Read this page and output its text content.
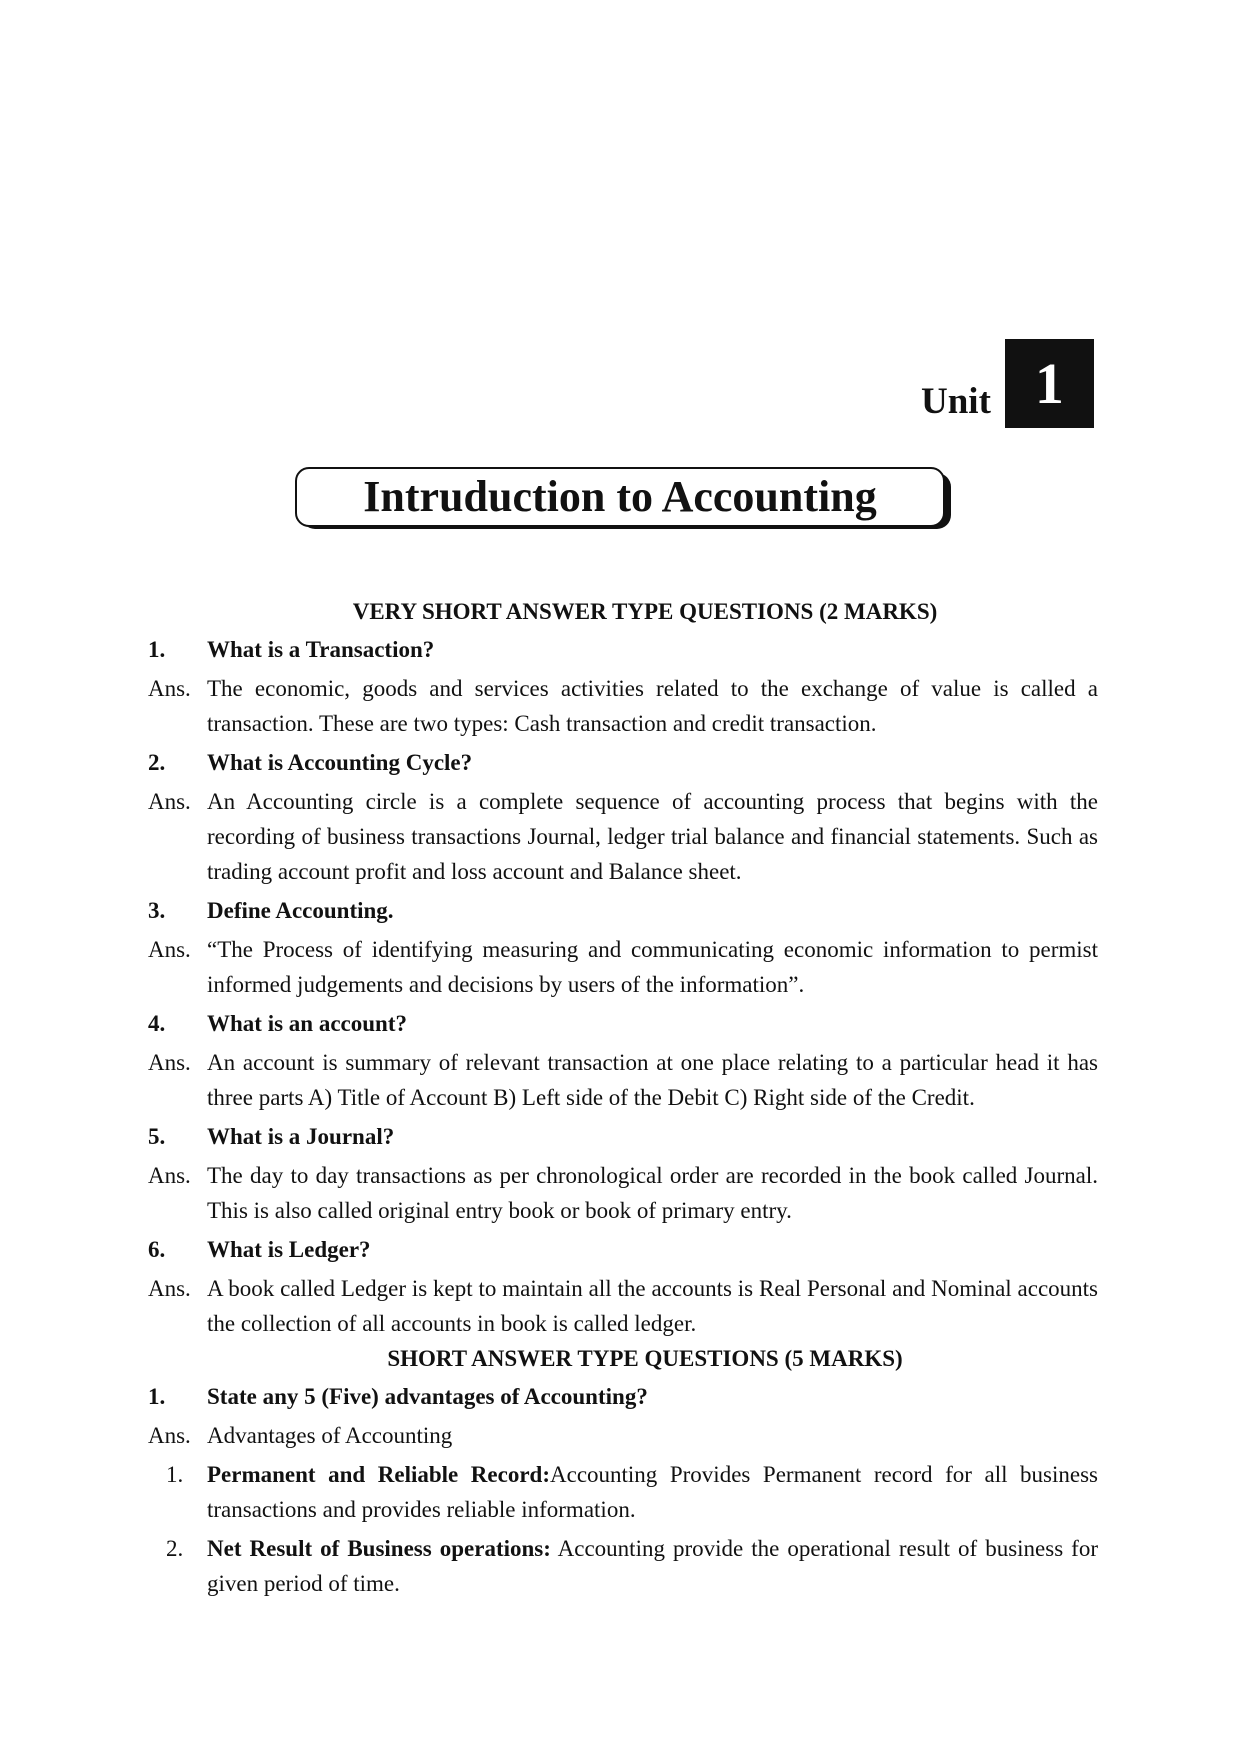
Unit 1
Intruduction to Accounting

VERY SHORT ANSWER TYPE QUESTIONS (2 MARKS)

1.	What is a Transaction?
Ans. The economic, goods and services activities related to the exchange of value is called a transaction. These are two types: Cash transaction and credit transaction.
2.	What is Accounting Cycle?
Ans. An Accounting circle is a complete sequence of accounting process that begins with the recording of business transactions Journal, ledger trial balance and financial statements. Such as trading account profit and loss account and Balance sheet.
3.	Define Accounting.
Ans. “The Process of identifying measuring and communicating economic information to permist informed judgements and decisions by users of the information”.
4.	What is an account?
Ans. An account is summary of relevant transaction at one place relating to a particular head it has three parts A) Title of Account B) Left side of the Debit C) Right side of the Credit.
5.	What is a Journal?
Ans. The day to day transactions as per chronological order are recorded in the book called Journal. This is also called original entry book or book of primary entry.
6.	What is Ledger?
Ans. A book called Ledger is kept to maintain all the accounts is Real Personal and Nominal accounts the collection of all accounts in book is called ledger.

SHORT ANSWER TYPE QUESTIONS (5 MARKS)

1.	State any 5 (Five) advantages of Accounting?
Ans. Advantages of Accounting
1.	Permanent and Reliable Record:Accounting Provides Permanent record for all business transactions and provides reliable information.
2.	Net Result of Business operations: Accounting provide the operational result of business for given period of time.
